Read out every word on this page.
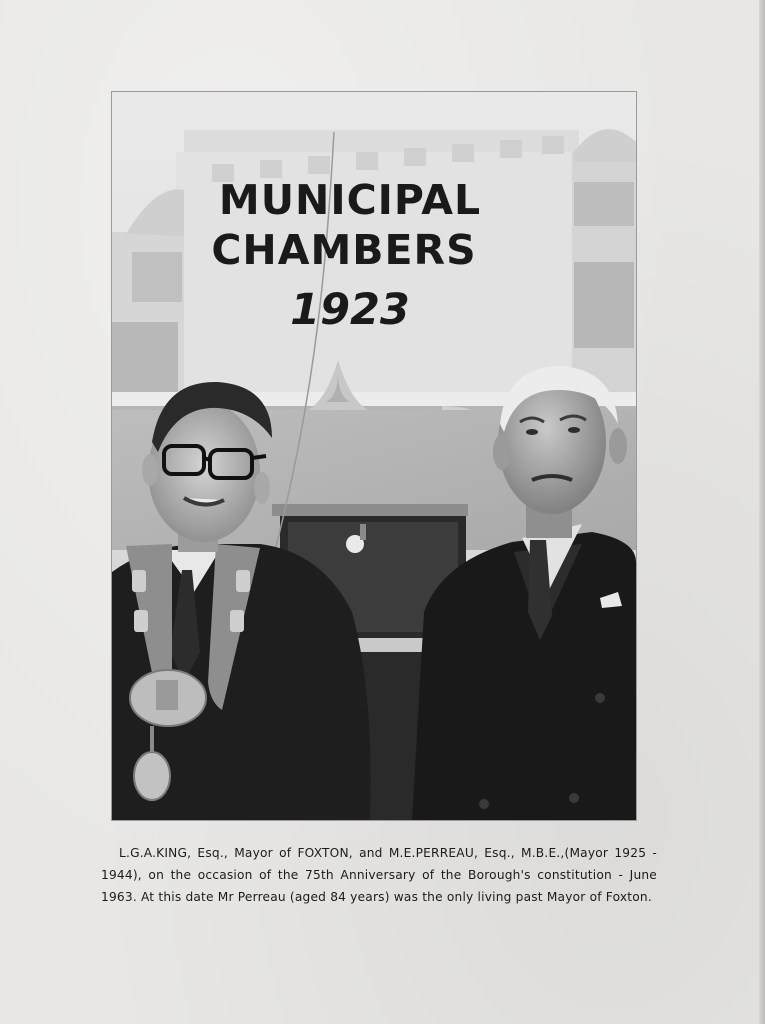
MUNICIPAL
CHAMBERS
1923

L.G.A.KING, Esq., Mayor of FOXTON, and M.E.PERREAU, Esq., M.B.E.,(Mayor 1925 - 1944), on the occasion of the 75th Anniversary of the Borough's constitution - June 1963. At this date Mr Perreau (aged 84 years) was the only living past Mayor of Foxton.
